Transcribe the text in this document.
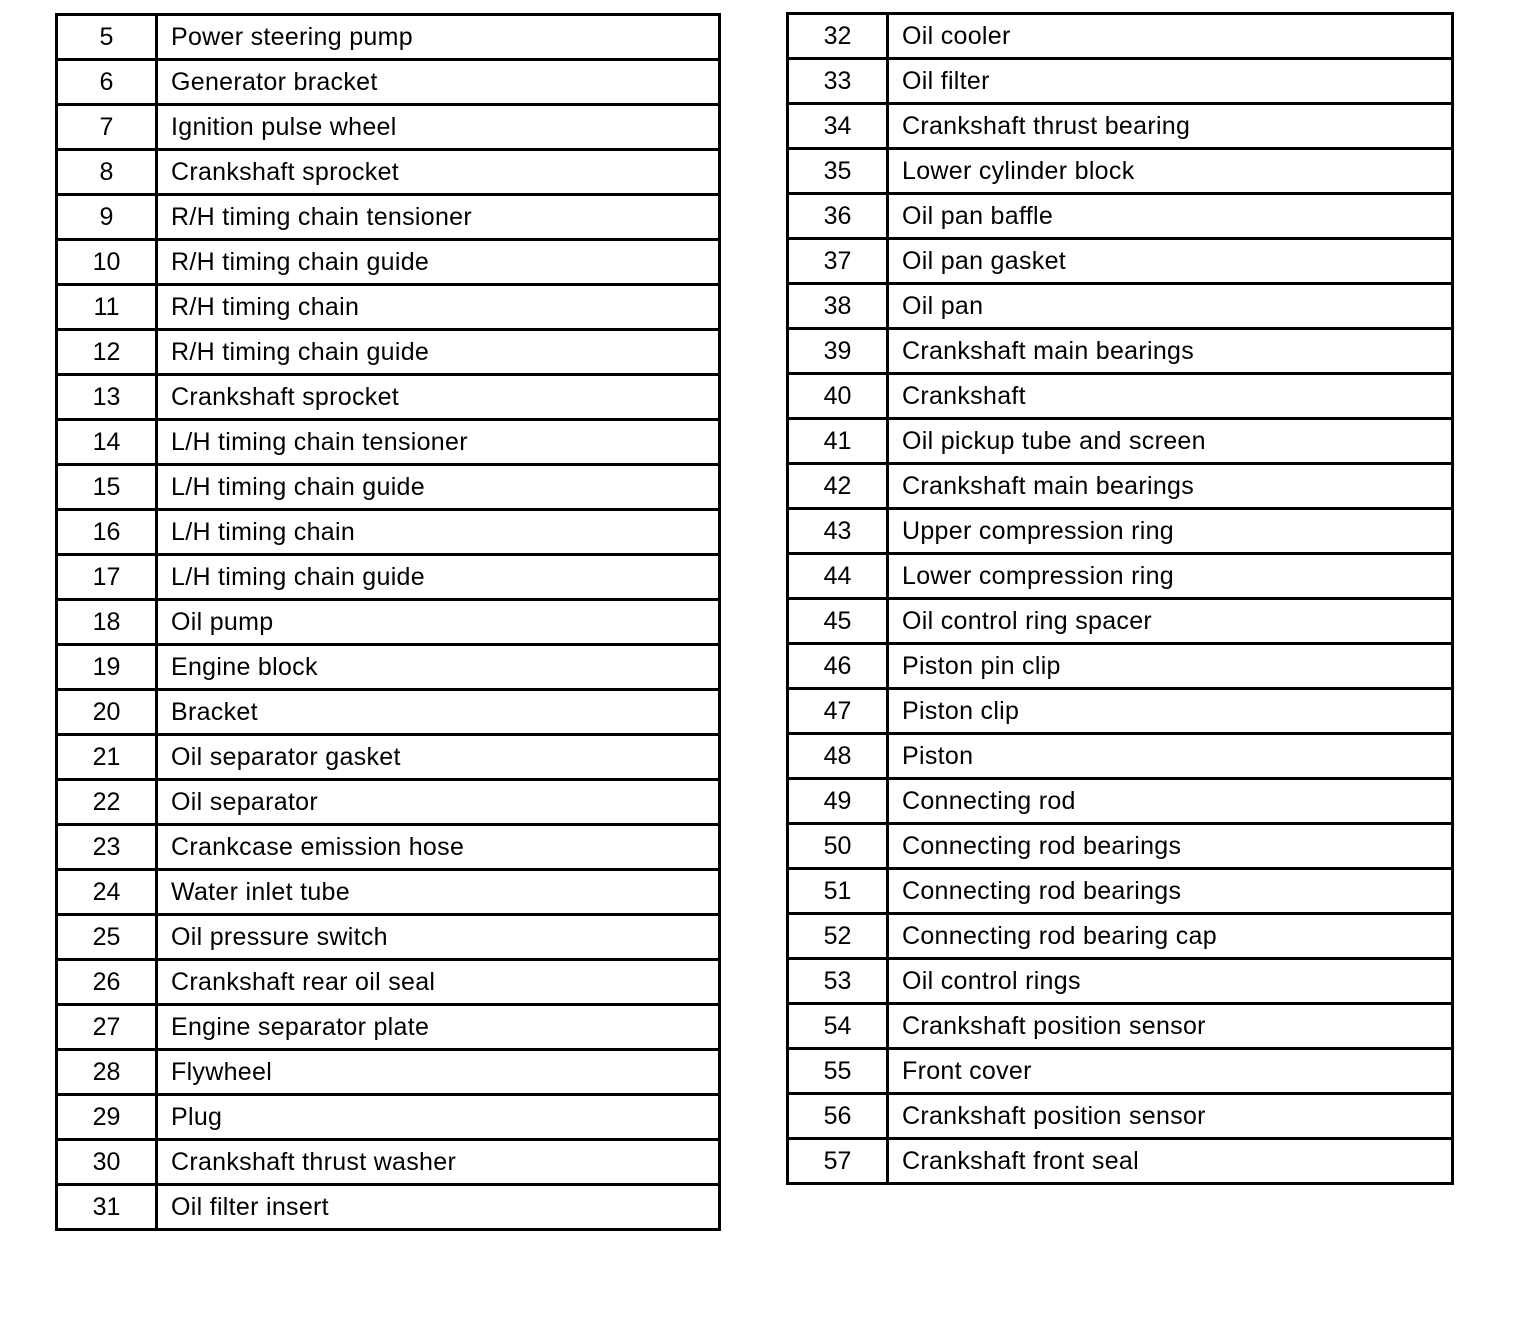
5	Power steering pump
6	Generator bracket
7	Ignition pulse wheel
8	Crankshaft sprocket
9	R/H timing chain tensioner
10	R/H timing chain guide
11	R/H timing chain
12	R/H timing chain guide
13	Crankshaft sprocket
14	L/H timing chain tensioner
15	L/H timing chain guide
16	L/H timing chain
17	L/H timing chain guide
18	Oil pump
19	Engine block
20	Bracket
21	Oil separator gasket
22	Oil separator
23	Crankcase emission hose
24	Water inlet tube
25	Oil pressure switch
26	Crankshaft rear oil seal
27	Engine separator plate
28	Flywheel
29	Plug
30	Crankshaft thrust washer
31	Oil filter insert
32	Oil cooler
33	Oil filter
34	Crankshaft thrust bearing
35	Lower cylinder block
36	Oil pan baffle
37	Oil pan gasket
38	Oil pan
39	Crankshaft main bearings
40	Crankshaft
41	Oil pickup tube and screen
42	Crankshaft main bearings
43	Upper compression ring
44	Lower compression ring
45	Oil control ring spacer
46	Piston pin clip
47	Piston clip
48	Piston
49	Connecting rod
50	Connecting rod bearings
51	Connecting rod bearings
52	Connecting rod bearing cap
53	Oil control rings
54	Crankshaft position sensor
55	Front cover
56	Crankshaft position sensor
57	Crankshaft front seal
